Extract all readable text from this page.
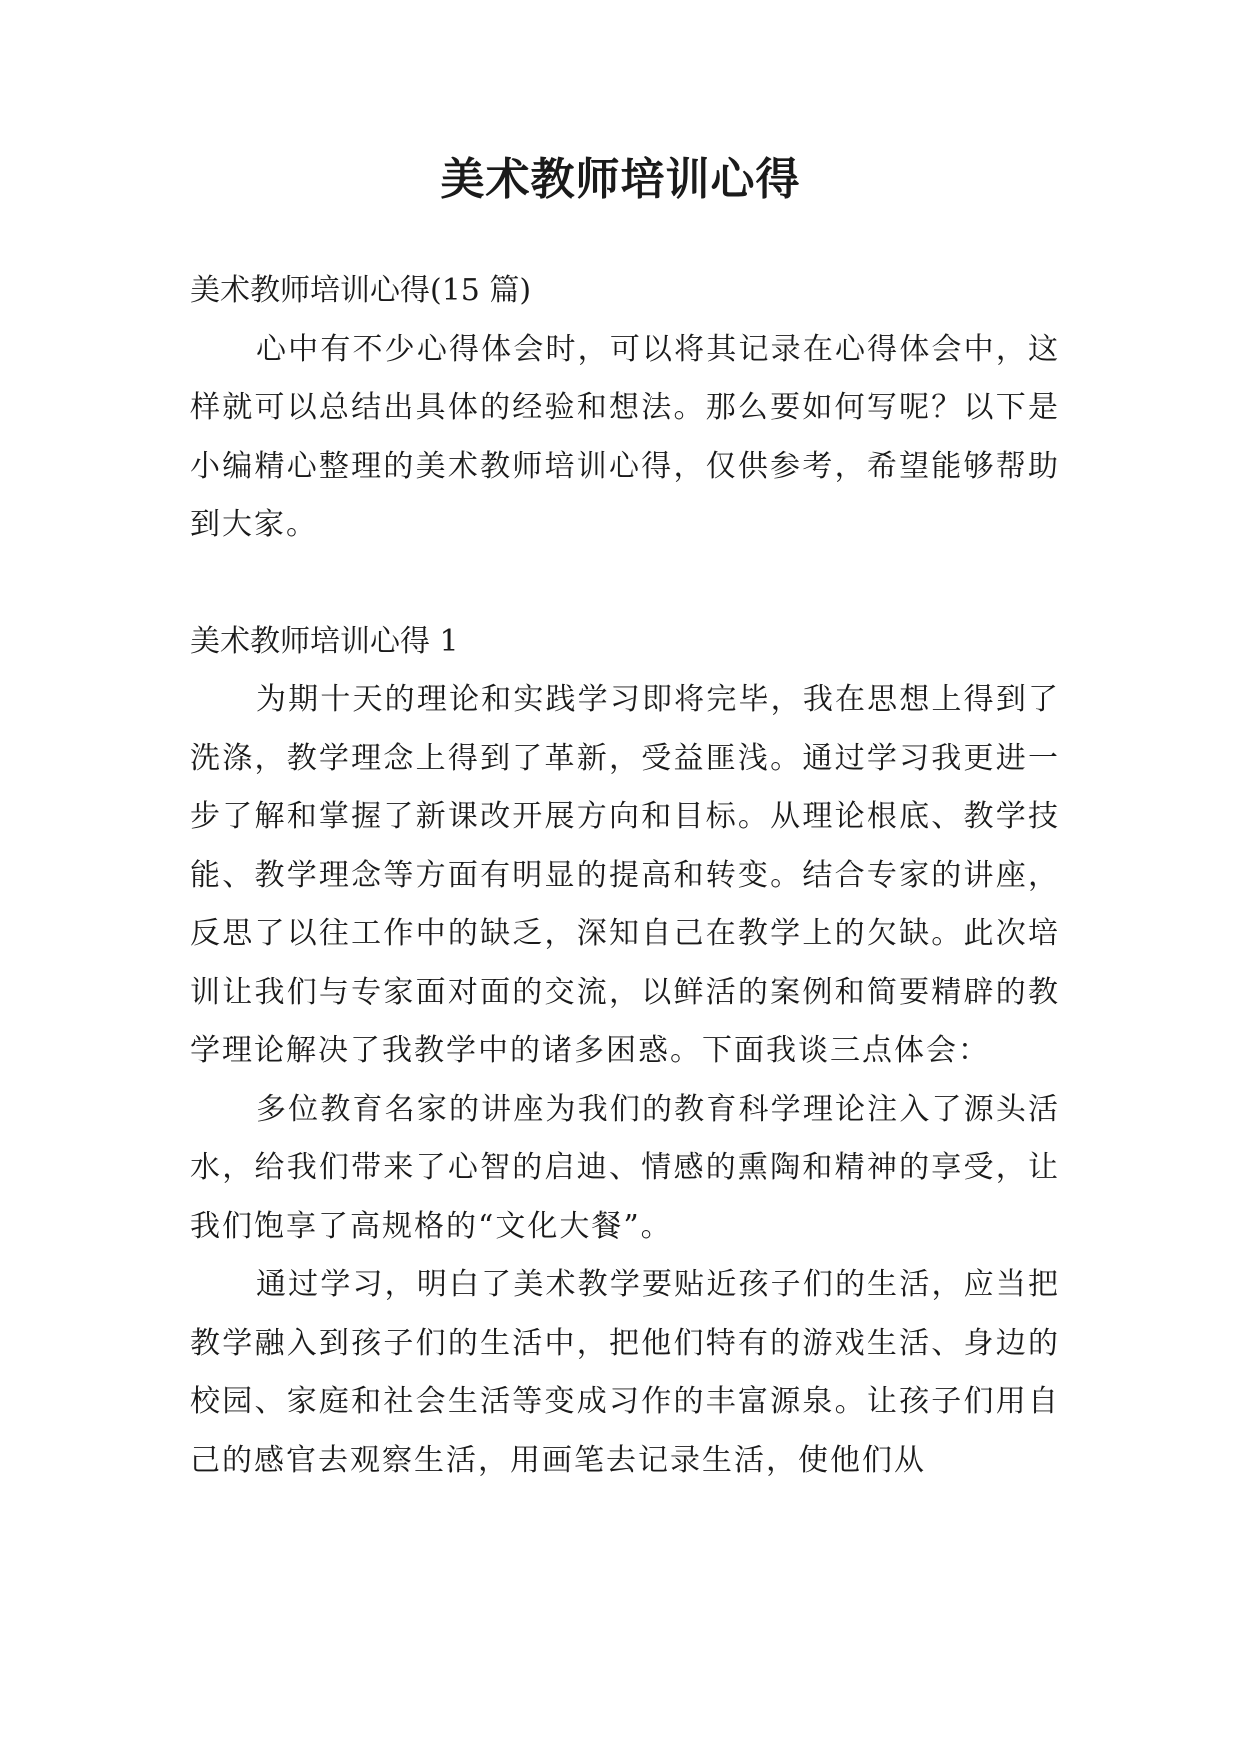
美术教师培训心得

美术教师培训心得(15 篇)

心中有不少心得体会时，可以将其记录在心得体会中，这样就可以总结出具体的经验和想法。那么要如何写呢？以下是小编精心整理的美术教师培训心得，仅供参考，希望能够帮助到大家。

美术教师培训心得 1

为期十天的理论和实践学习即将完毕，我在思想上得到了洗涤，教学理念上得到了革新，受益匪浅。通过学习我更进一步了解和掌握了新课改开展方向和目标。从理论根底、教学技能、教学理念等方面有明显的提高和转变。结合专家的讲座，反思了以往工作中的缺乏，深知自己在教学上的欠缺。此次培训让我们与专家面对面的交流，以鲜活的案例和简要精辟的教学理论解决了我教学中的诸多困惑。下面我谈三点体会：

多位教育名家的讲座为我们的教育科学理论注入了源头活水，给我们带来了心智的启迪、情感的熏陶和精神的享受，让我们饱享了高规格的“文化大餐”。

通过学习，明白了美术教学要贴近孩子们的生活，应当把教学融入到孩子们的生活中，把他们特有的游戏生活、身边的校园、家庭和社会生活等变成习作的丰富源泉。让孩子们用自己的感官去观察生活，用画笔去记录生活，使他们从
